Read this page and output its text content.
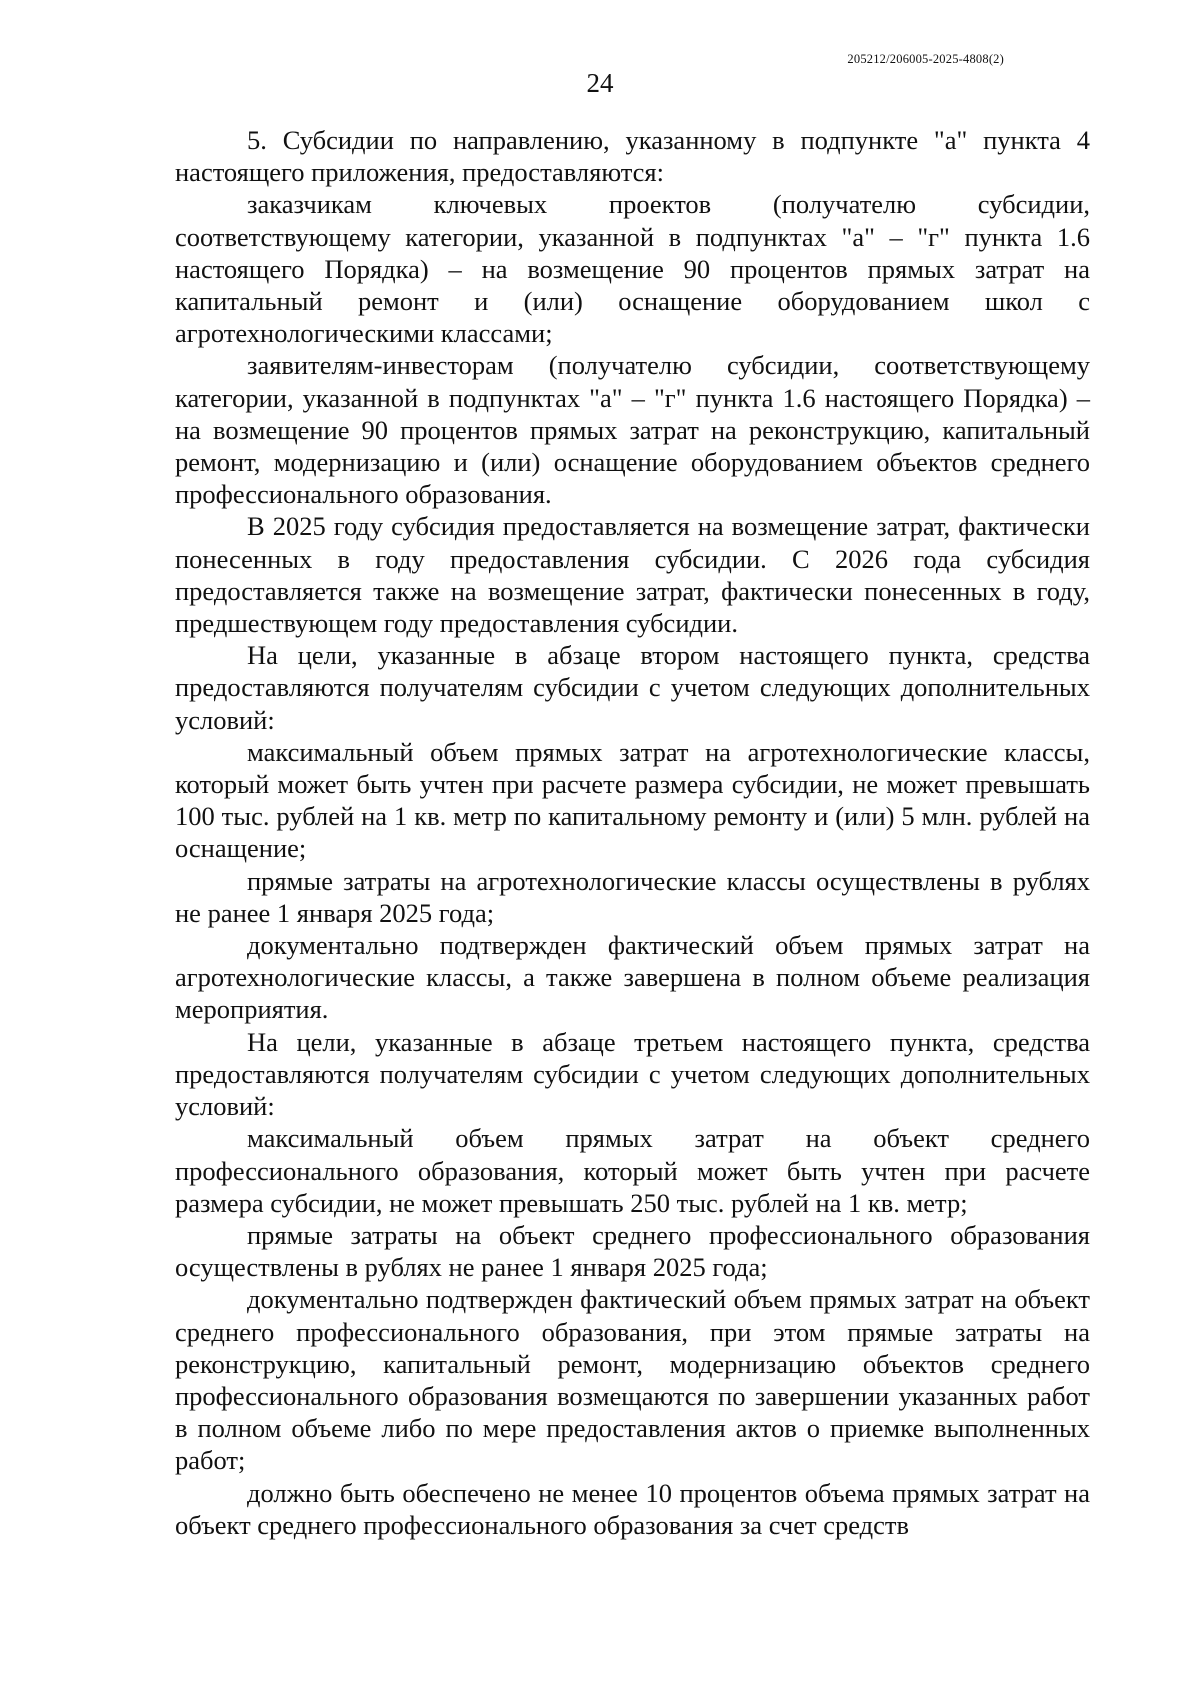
205212/206005-2025-4808(2)
24

5. Субсидии по направлению, указанному в подпункте "а" пункта 4 настоящего приложения, предоставляются:

заказчикам ключевых проектов (получателю субсидии, соответствующему категории, указанной в подпунктах "а" – "г" пункта 1.6 настоящего Порядка) – на возмещение 90 процентов прямых затрат на капитальный ремонт и (или) оснащение оборудованием школ с агротехнологическими классами;

заявителям-инвесторам (получателю субсидии, соответствующему категории, указанной в подпунктах "а" – "г" пункта 1.6 настоящего Порядка) – на возмещение 90 процентов прямых затрат на реконструкцию, капитальный ремонт, модернизацию и (или) оснащение оборудованием объектов среднего профессионального образования.

В 2025 году субсидия предоставляется на возмещение затрат, фактически понесенных в году предоставления субсидии. С 2026 года субсидия предоставляется также на возмещение затрат, фактически понесенных в году, предшествующем году предоставления субсидии.

На цели, указанные в абзаце втором настоящего пункта, средства предоставляются получателям субсидии с учетом следующих дополнительных условий:

максимальный объем прямых затрат на агротехнологические классы, который может быть учтен при расчете размера субсидии, не может превышать 100 тыс. рублей на 1 кв. метр по капитальному ремонту и (или) 5 млн. рублей на оснащение;

прямые затраты на агротехнологические классы осуществлены в рублях не ранее 1 января 2025 года;

документально подтвержден фактический объем прямых затрат на агротехнологические классы, а также завершена в полном объеме реализация мероприятия.

На цели, указанные в абзаце третьем настоящего пункта, средства предоставляются получателям субсидии с учетом следующих дополнительных условий:

максимальный объем прямых затрат на объект среднего профессионального образования, который может быть учтен при расчете размера субсидии, не может превышать 250 тыс. рублей на 1 кв. метр;

прямые затраты на объект среднего профессионального образования осуществлены в рублях не ранее 1 января 2025 года;

документально подтвержден фактический объем прямых затрат на объект среднего профессионального образования, при этом прямые затраты на реконструкцию, капитальный ремонт, модернизацию объектов среднего профессионального образования возмещаются по завершении указанных работ в полном объеме либо по мере предоставления актов о приемке выполненных работ;

должно быть обеспечено не менее 10 процентов объема прямых затрат на объект среднего профессионального образования за счет средств
